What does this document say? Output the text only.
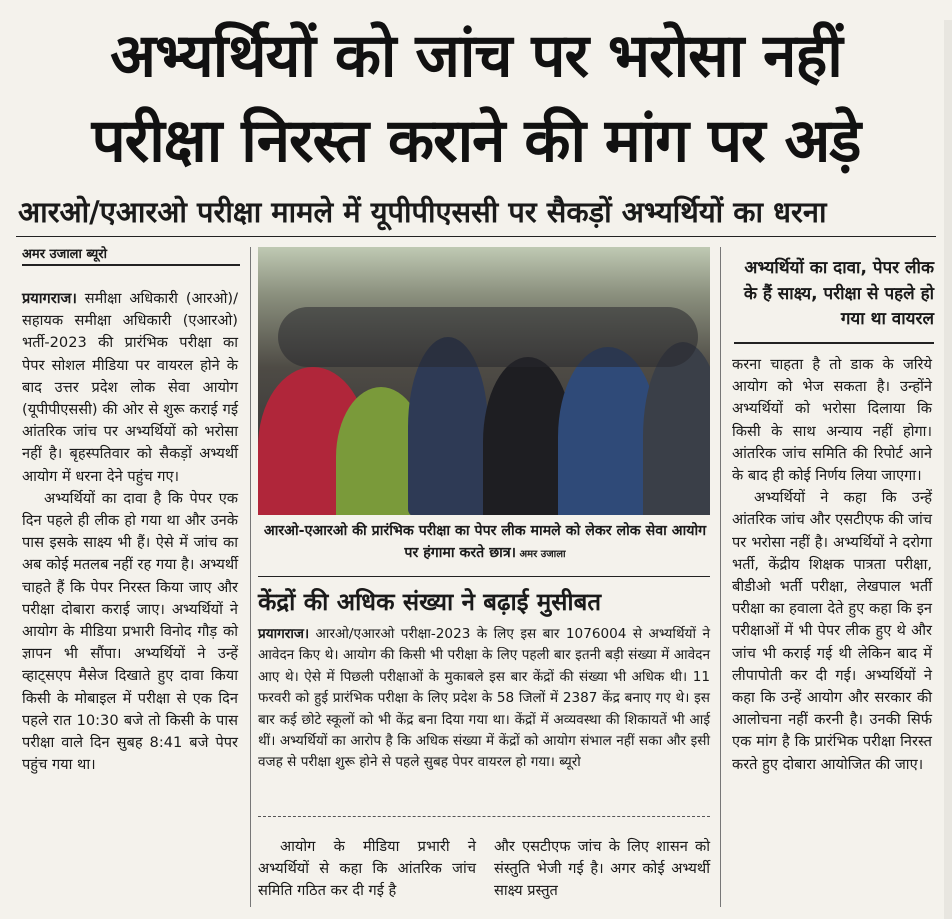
अभ्यर्थियों को जांच पर भरोसा नहीं
परीक्षा निरस्त कराने की मांग पर अड़े
आरओ/एआरओ परीक्षा मामले में यूपीपीएससी पर सैकड़ों अभ्यर्थियों का धरना
अमर उजाला ब्यूरो

प्रयागराज। समीक्षा अधिकारी (आरओ)/सहायक समीक्षा अधिकारी (एआरओ) भर्ती-2023 की प्रारंभिक परीक्षा का पेपर सोशल मीडिया पर वायरल होने के बाद उत्तर प्रदेश लोक सेवा आयोग (यूपीपीएससी) की ओर से शुरू कराई गई आंतरिक जांच पर अभ्यर्थियों को भरोसा नहीं है। बृहस्पतिवार को सैकड़ों अभ्यर्थी आयोग में धरना देने पहुंच गए।

अभ्यर्थियों का दावा है कि पेपर एक दिन पहले ही लीक हो गया था और उनके पास इसके साक्ष्य भी हैं। ऐसे में जांच का अब कोई मतलब नहीं रह गया है। अभ्यर्थी चाहते हैं कि पेपर निरस्त किया जाए और परीक्षा दोबारा कराई जाए। अभ्यर्थियों ने आयोग के मीडिया प्रभारी विनोद गौड़ को ज्ञापन भी सौंपा। अभ्यर्थियों ने उन्हें व्हाट्सएप मैसेज दिखाते हुए दावा किया किसी के मोबाइल में परीक्षा से एक दिन पहले रात 10:30 बजे तो किसी के पास परीक्षा वाले दिन सुबह 8:41 बजे पेपर पहुंच गया था।

आरओ-एआरओ की प्रारंभिक परीक्षा का पेपर लीक मामले को लेकर लोक सेवा आयोग पर हंगामा करते छात्र। अमर उजाला
केंद्रों की अधिक संख्या ने बढ़ाई मुसीबत

प्रयागराज। आरओ/एआरओ परीक्षा-2023 के लिए इस बार 1076004 से अभ्यर्थियों ने आवेदन किए थे। आयोग की किसी भी परीक्षा के लिए पहली बार इतनी बड़ी संख्या में आवेदन आए थे। ऐसे में पिछली परीक्षाओं के मुकाबले इस बार केंद्रों की संख्या भी अधिक थी। 11 फरवरी को हुई प्रारंभिक परीक्षा के लिए प्रदेश के 58 जिलों में 2387 केंद्र बनाए गए थे। इस बार कई छोटे स्कूलों को भी केंद्र बना दिया गया था। केंद्रों में अव्यवस्था की शिकायतें भी आई थीं। अभ्यर्थियों का आरोप है कि अधिक संख्या में केंद्रों को आयोग संभाल नहीं सका और इसी वजह से परीक्षा शुरू होने से पहले सुबह पेपर वायरल हो गया। ब्यूरो

आयोग के मीडिया प्रभारी ने अभ्यर्थियों से कहा कि आंतरिक जांच समिति गठित कर दी गई है

और एसटीएफ जांच के लिए शासन को संस्तुति भेजी गई है। अगर कोई अभ्यर्थी साक्ष्य प्रस्तुत

अभ्यर्थियों का दावा, पेपर लीक के हैं साक्ष्य, परीक्षा से पहले हो गया था वायरल

करना चाहता है तो डाक के जरिये आयोग को भेज सकता है। उन्होंने अभ्यर्थियों को भरोसा दिलाया कि किसी के साथ अन्याय नहीं होगा। आंतरिक जांच समिति की रिपोर्ट आने के बाद ही कोई निर्णय लिया जाएगा।

अभ्यर्थियों ने कहा कि उन्हें आंतरिक जांच और एसटीएफ की जांच पर भरोसा नहीं है। अभ्यर्थियों ने दरोगा भर्ती, केंद्रीय शिक्षक पात्रता परीक्षा, बीडीओ भर्ती परीक्षा, लेखपाल भर्ती परीक्षा का हवाला देते हुए कहा कि इन परीक्षाओं में भी पेपर लीक हुए थे और जांच भी कराई गई थी लेकिन बाद में लीपापोती कर दी गई। अभ्यर्थियों ने कहा कि उन्हें आयोग और सरकार की आलोचना नहीं करनी है। उनकी सिर्फ एक मांग है कि प्रारंभिक परीक्षा निरस्त करते हुए दोबारा आयोजित की जाए।
